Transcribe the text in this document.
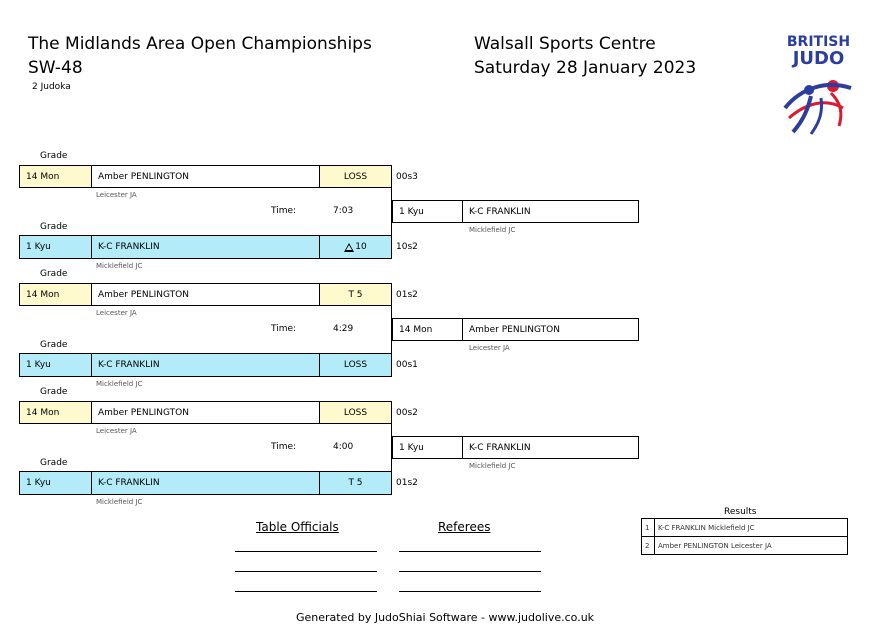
The Midlands Area Open Championships
SW-48
2 Judoka
Walsall Sports Centre
Saturday 28 January 2023
BRITISH
JUDO
Grade
14 Mon	Amber PENLINGTON	LOSS	00s3
Leicester JA
Time:	7:03
Grade
1 Kyu	K-C FRANKLIN	10	10s2
Micklefield JC
1 Kyu	K-C FRANKLIN
Micklefield JC
Grade
14 Mon	Amber PENLINGTON	T 5	01s2
Leicester JA
Time:	4:29
Grade
1 Kyu	K-C FRANKLIN	LOSS	00s1
Micklefield JC
14 Mon	Amber PENLINGTON
Leicester JA
Grade
14 Mon	Amber PENLINGTON	LOSS	00s2
Leicester JA
Time:	4:00
Grade
1 Kyu	K-C FRANKLIN	T 5	01s2
Micklefield JC
1 Kyu	K-C FRANKLIN
Micklefield JC
Table Officials	Referees
Results
1	K-C FRANKLIN Micklefield JC
2	Amber PENLINGTON Leicester JA
Generated by JudoShiai Software - www.judolive.co.uk
